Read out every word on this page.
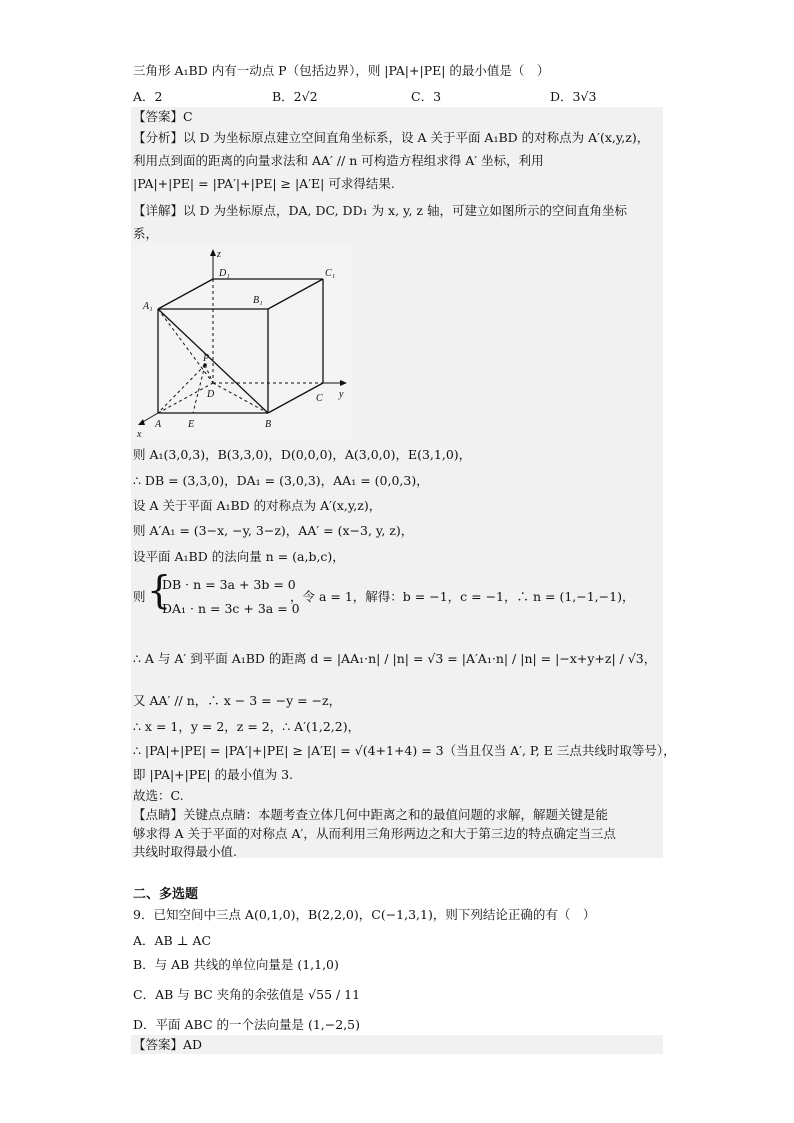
三角形 A₁BD 内有一动点 P（包括边界），则 |PA|+|PE| 的最小值是（　）
A．2	B．2√2	C．3	D．3√3
【答案】C
【分析】以 D 为坐标原点建立空间直角坐标系，设 A 关于平面 A₁BD 的对称点为 A′(x,y,z)，
利用点到面的距离的向量求法和 AA′ // n 可构造方程组求得 A′ 坐标，利用
|PA|+|PE| = |PA′|+|PE| ≥ |A′E| 可求得结果.
【详解】以 D 为坐标原点，DA, DC, DD₁ 为 x, y, z 轴，可建立如图所示的空间直角坐标
系，
z
D₁	C₁
A₁
B₁
P
D	C y
x
A	E	B
则 A₁(3,0,3)，B(3,3,0)，D(0,0,0)，A(3,0,0)，E(3,1,0)，
∴ DB = (3,3,0)，DA₁ = (3,0,3)，AA₁ = (0,0,3)，
设 A 关于平面 A₁BD 的对称点为 A′(x,y,z)，
则 A′A₁ = (3−x, −y, 3−z)，AA′ = (x−3, y, z)，
设平面 A₁BD 的法向量 n = (a,b,c)，
则 {
DB · n = 3a + 3b = 0
DA₁ · n = 3c + 3a = 0
，令 a = 1，解得：b = −1，c = −1，∴ n = (1,−1,−1)，
∴ A 与 A′ 到平面 A₁BD 的距离 d = |AA₁·n| / |n| = √3 = |A′A₁·n| / |n| = |−x+y+z| / √3，
又 AA′ // n，∴ x − 3 = −y = −z，
∴ x = 1，y = 2，z = 2，∴ A′(1,2,2)，
∴ |PA|+|PE| = |PA′|+|PE| ≥ |A′E| = √(4+1+4) = 3（当且仅当 A′, P, E 三点共线时取等号），
即 |PA|+|PE| 的最小值为 3.
故选：C.
【点睛】关键点点睛：本题考查立体几何中距离之和的最值问题的求解，解题关键是能
够求得 A 关于平面的对称点 A′，从而利用三角形两边之和大于第三边的特点确定当三点
共线时取得最小值.
二、多选题
9．已知空间中三点 A(0,1,0)，B(2,2,0)，C(−1,3,1)，则下列结论正确的有（　）
A．AB ⊥ AC
B．与 AB 共线的单位向量是 (1,1,0)
C．AB 与 BC 夹角的余弦值是 √55 / 11
D．平面 ABC 的一个法向量是 (1,−2,5)
【答案】AD
